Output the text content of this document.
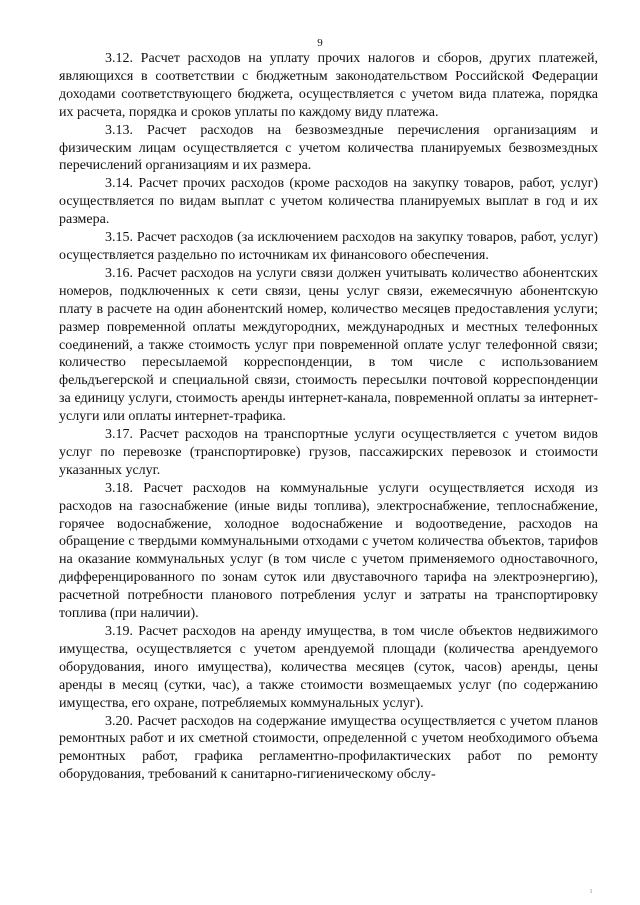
9

3.12. Расчет расходов на уплату прочих налогов и сборов, других платежей, являющихся в соответствии с бюджетным законодательством Российской Федерации доходами соответствующего бюджета, осуществляется с учетом вида платежа, порядка их расчета, порядка и сроков уплаты по каждому виду платежа.

3.13. Расчет расходов на безвозмездные перечисления организациям и физическим лицам осуществляется с учетом количества планируемых безвозмездных перечислений организациям и их размера.

3.14. Расчет прочих расходов (кроме расходов на закупку товаров, работ, услуг) осуществляется по видам выплат с учетом количества планируемых выплат в год и их размера.

3.15. Расчет расходов (за исключением расходов на закупку товаров, работ, услуг) осуществляется раздельно по источникам их финансового обеспечения.

3.16. Расчет расходов на услуги связи должен учитывать количество абонентских номеров, подключенных к сети связи, цены услуг связи, ежемесячную абонентскую плату в расчете на один абонентский номер, количество месяцев предоставления услуги; размер повременной оплаты междугородних, международных и местных телефонных соединений, а также стоимость услуг при повременной оплате услуг телефонной связи; количество пересылаемой корреспонденции, в том числе с использованием фельдъегерской и специальной связи, стоимость пересылки почтовой корреспонденции за единицу услуги, стоимость аренды интернет-канала, повременной оплаты за интернет-услуги или оплаты интернет-трафика.

3.17. Расчет расходов на транспортные услуги осуществляется с учетом видов услуг по перевозке (транспортировке) грузов, пассажирских перевозок и стоимости указанных услуг.

3.18. Расчет расходов на коммунальные услуги осуществляется исходя из расходов на газоснабжение (иные виды топлива), электроснабжение, теплоснабжение, горячее водоснабжение, холодное водоснабжение и водоотведение, расходов на обращение с твердыми коммунальными отходами с учетом количества объектов, тарифов на оказание коммунальных услуг (в том числе с учетом применяемого одноставочного, дифференцированного по зонам суток или двуставочного тарифа на электроэнергию), расчетной потребности планового потребления услуг и затраты на транспортировку топлива (при наличии).

3.19. Расчет расходов на аренду имущества, в том числе объектов недвижимого имущества, осуществляется с учетом арендуемой площади (количества арендуемого оборудования, иного имущества), количества месяцев (суток, часов) аренды, цены аренды в месяц (сутки, час), а также стоимости возмещаемых услуг (по содержанию имущества, его охране, потребляемых коммунальных услуг).

3.20. Расчет расходов на содержание имущества осуществляется с учетом планов ремонтных работ и их сметной стоимости, определенной с учетом необходимого объема ремонтных работ, графика регламентно-профилактических работ по ремонту оборудования, требований к санитарно-гигиеническому обслу-

ı
